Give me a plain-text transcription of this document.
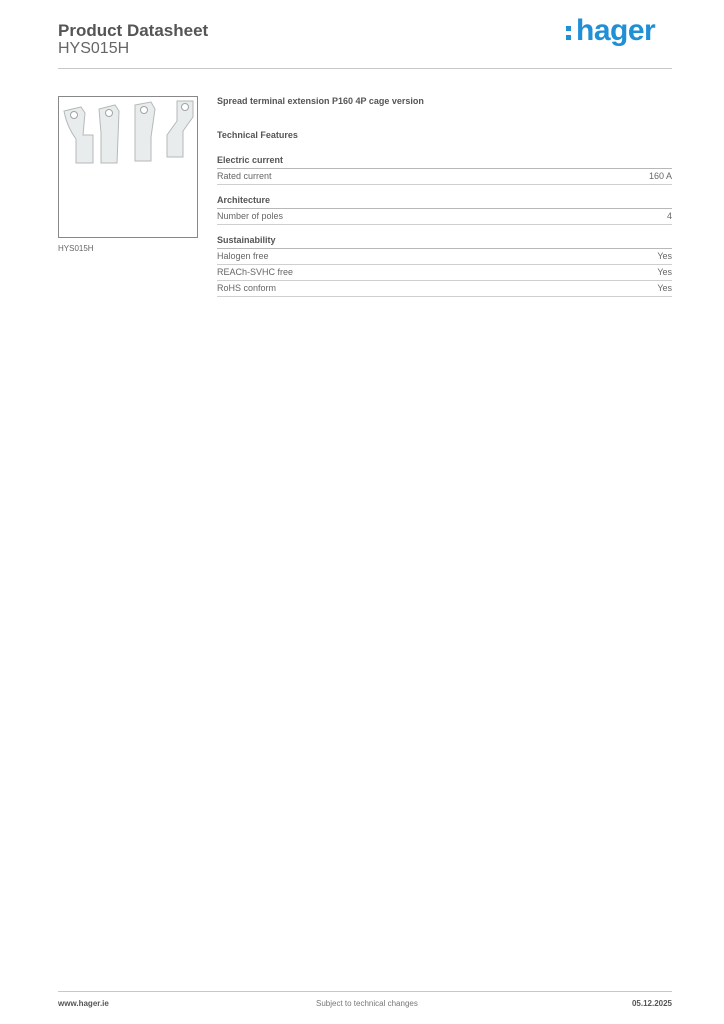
Product Datasheet
HYS015H
hager
HYS015H
Spread terminal extension P160 4P cage version
Technical Features
Electric current
Rated current	160 A
Architecture
Number of poles	4
Sustainability
Halogen free	Yes
REACh-SVHC free	Yes
RoHS conform	Yes
www.hager.ie	Subject to technical changes	05.12.2025
